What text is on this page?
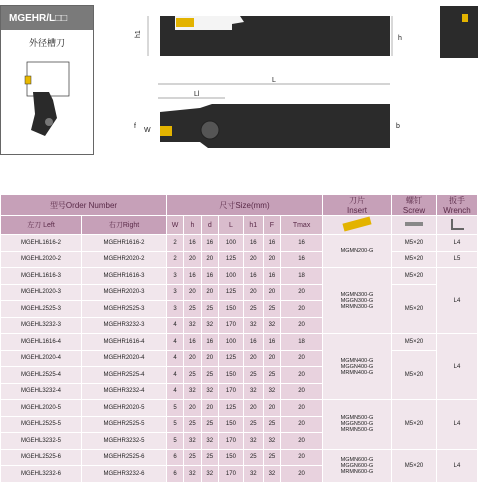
MGEHR/L□□
外径槽刀
h1
h
L
Ll
f
W
b
型号Order Number		尺寸Size(mm)							刀片
Insert	螺钉
Screw	扳手
Wrench
左刀 Left	右刀Right	W	h	d	L	h1	F	Tmax			
MGEHL1616-2	MGEHR1616-2	2	16	16	100	16	16	16	MGMN200-G	M5×20	L4
MGEHL2020-2	MGEHR2020-2	2	20	20	125	20	20	16		M5×20	L5
MGEHL1616-3	MGEHR1616-3	3	16	16	100	16	16	18	MGMN300-G
MGGN300-G
MRMN300-G	M5×20	L4
MGEHL2020-3	MGEHR2020-3	3	20	20	125	20	20	20		M5×20	
MGEHL2525-3	MGEHR2525-3	3	25	25	150	25	25	20			
MGEHL3232-3	MGEHR3232-3	4	32	32	170	32	32	20			
MGEHL1616-4	MGEHR1616-4	4	16	16	100	16	16	18	MGMN400-G
MGGN400-G
MRMN400-G	M5×20	L4
MGEHL2020-4	MGEHR2020-4	4	20	20	125	20	20	20		M5×20	
MGEHL2525-4	MGEHR2525-4	4	25	25	150	25	25	20			
MGEHL3232-4	MGEHR3232-4	4	32	32	170	32	32	20			
MGEHL2020-5	MGEHR2020-5	5	20	20	125	20	20	20	MGMN500-G
MGGN500-G
MRMN500-G	M5×20	L4
MGEHL2525-5	MGEHR2525-5	5	25	25	150	25	25	20			
MGEHL3232-5	MGEHR3232-5	5	32	32	170	32	32	20			
MGEHL2525-6	MGEHR2525-6	6	25	25	150	25	25	20	MGMN600-G
MGGN600-G
MRMN600-G	M5×20	L4
MGEHL3232-6	MGEHR3232-6	6	32	32	170	32	32	20			
